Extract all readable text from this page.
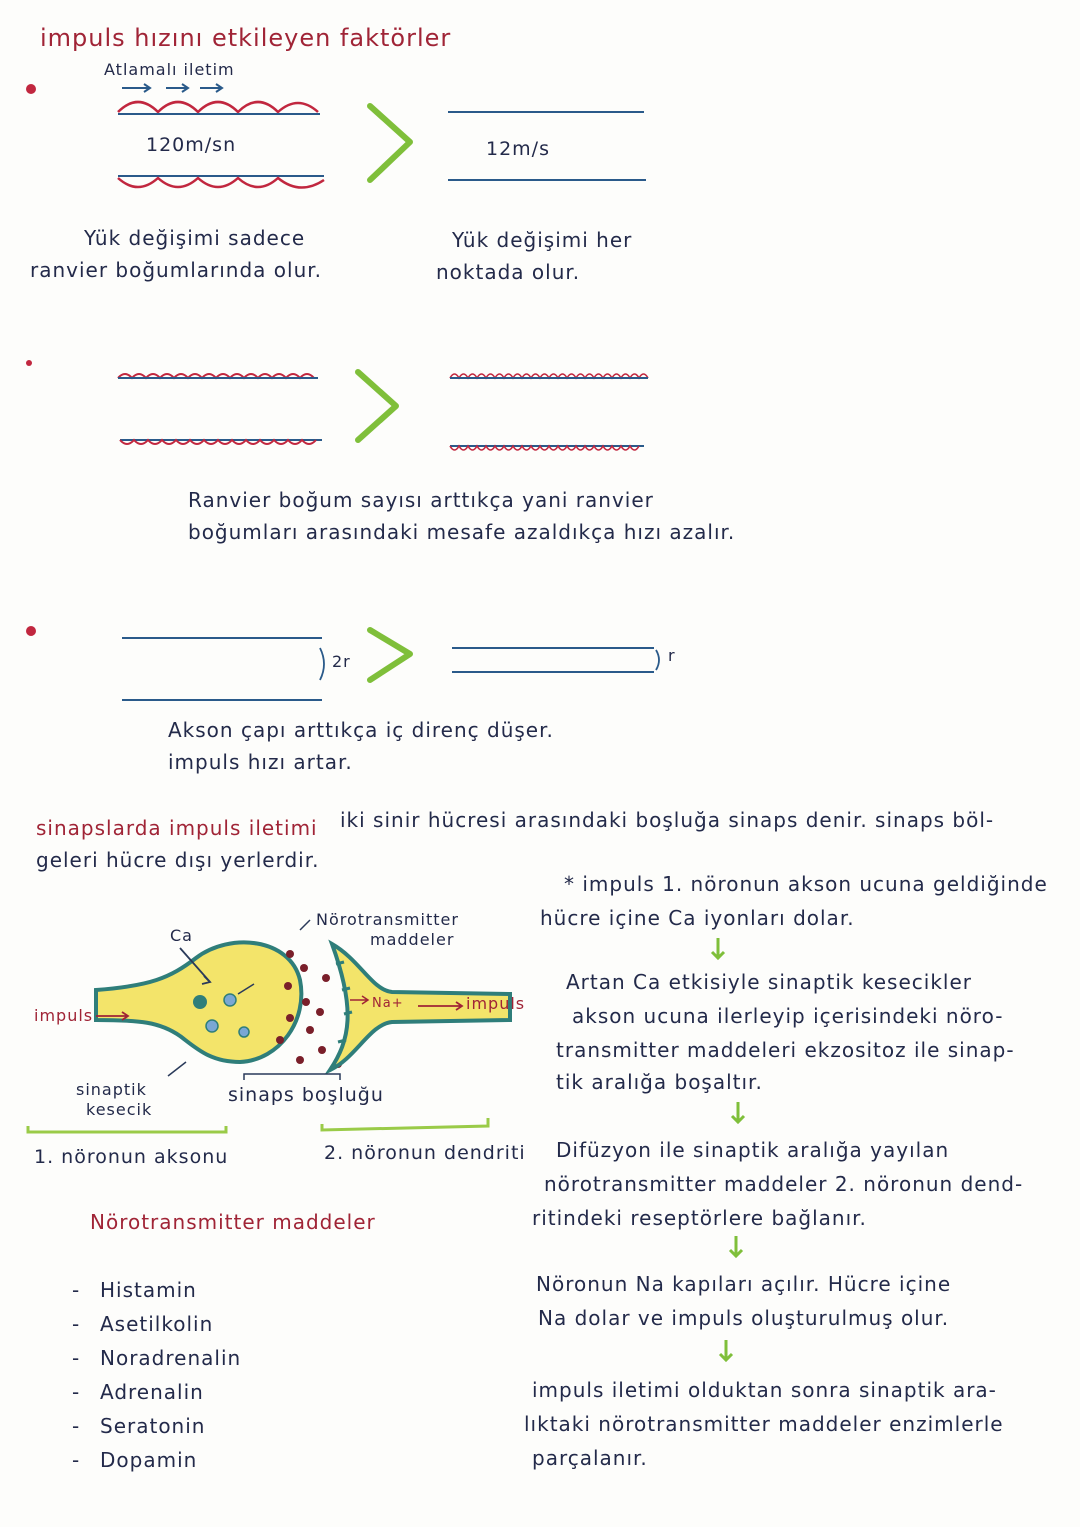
impuls hızını etkileyen faktörler
Atlamalı iletim
120m/sn	12m/s
Yük değişimi sadece
ranvier boğumlarında olur.
Yük değişimi her
noktada olur.
Ranvier boğum sayısı arttıkça yani ranvier
boğumları arasındaki mesafe azaldıkça hızı azalır.
2r	r
Akson çapı arttıkça iç direnç düşer.
impuls hızı artar.
sinapslarda impuls iletimi iki sinir hücresi arasındaki boşluğa sinaps denir. sinaps böl-
geleri hücre dışı yerlerdir.
Ca
Nörotransmitter
maddeler
impuls
impuls
Na+
sinaptik
kesecik
sinaps boşluğu
1. nöronun aksonu	2. nöronun dendriti
* impuls 1. nöronun akson ucuna geldiğinde
hücre içine Ca iyonları dolar.
Artan Ca etkisiyle sinaptik kesecikler
akson ucuna ilerleyip içerisindeki nöro-
transmitter maddeleri ekzositoz ile sinap-
tik aralığa boşaltır.
Difüzyon ile sinaptik aralığa yayılan
nörotransmitter maddeler 2. nöronun dend-
ritindeki reseptörlere bağlanır.
Nöronun Na kapıları açılır. Hücre içine
Na dolar ve impuls oluşturulmuş olur.
impuls iletimi olduktan sonra sinaptik ara-
lıktaki nörotransmitter maddeler enzimlerle
parçalanır.
Nörotransmitter maddeler
- Histamin
- Asetilkolin
- Noradrenalin
- Adrenalin
- Seratonin
- Dopamin
